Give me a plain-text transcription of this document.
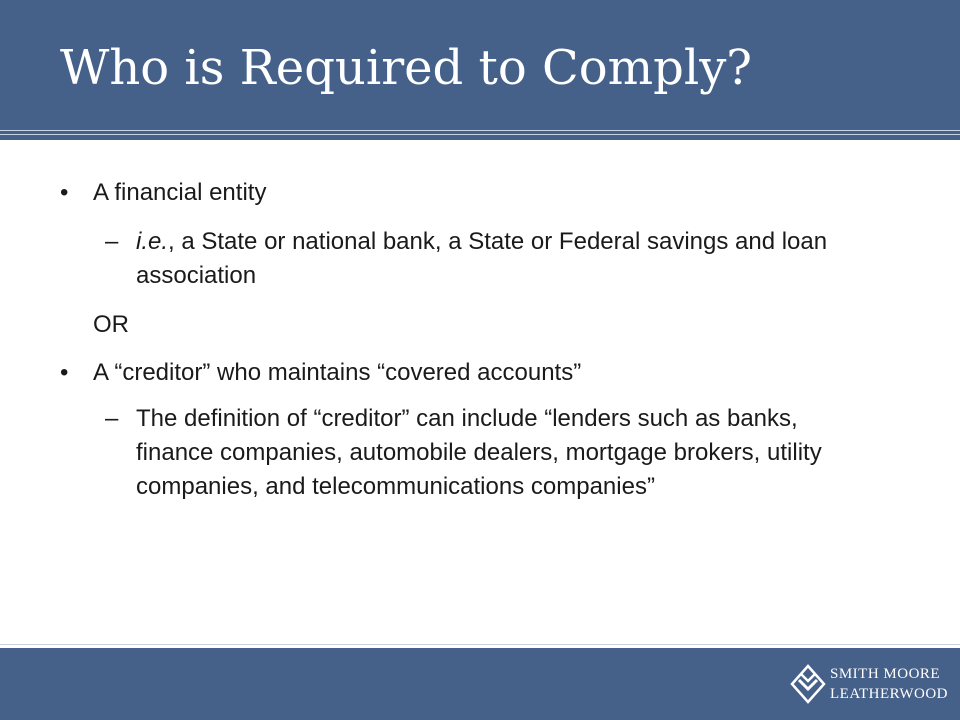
Who is Required to Comply?
•	A financial entity
– i.e., a State or national bank, a State or Federal savings and loan association
OR
•	A “creditor” who maintains “covered accounts”
– The definition of “creditor” can include “lenders such as banks, finance companies, automobile dealers, mortgage brokers, utility companies, and telecommunications companies”
SMITH MOORE
LEATHERWOOD
